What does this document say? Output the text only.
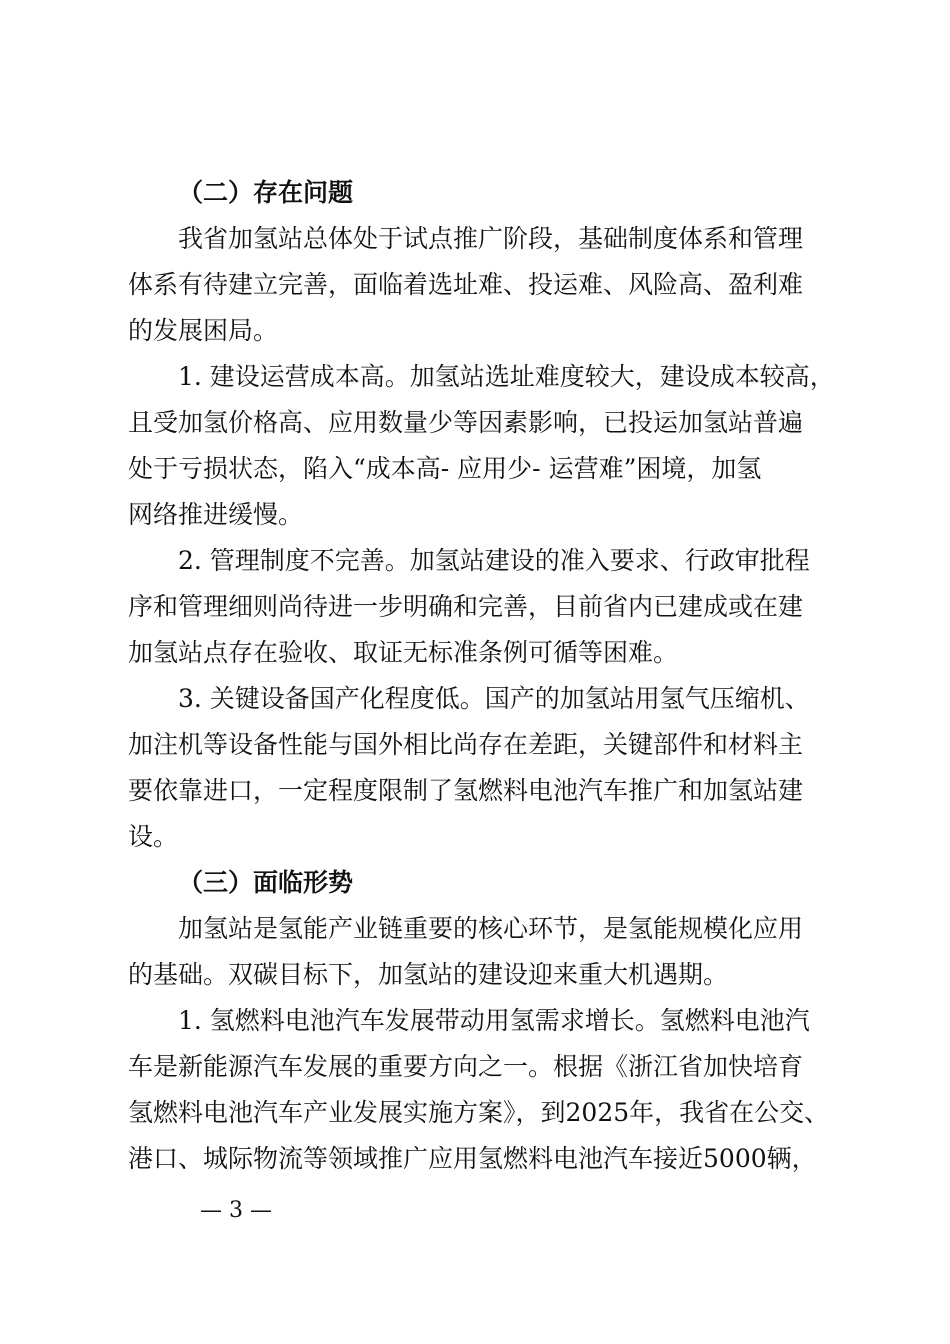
（二）存在问题
我省加氢站总体处于试点推广阶段，基础制度体系和管理
体系有待建立完善，面临着选址难、投运难、风险高、盈利难
的发展困局。
1. 建设运营成本高。加氢站选址难度较大，建设成本较高，
且受加氢价格高、应用数量少等因素影响，已投运加氢站普遍
处于亏损状态，陷入“成本高- 应用少- 运营难”困境，加氢
网络推进缓慢。
2. 管理制度不完善。加氢站建设的准入要求、行政审批程
序和管理细则尚待进一步明确和完善，目前省内已建成或在建
加氢站点存在验收、取证无标准条例可循等困难。
3. 关键设备国产化程度低。国产的加氢站用氢气压缩机、
加注机等设备性能与国外相比尚存在差距，关键部件和材料主
要依靠进口，一定程度限制了氢燃料电池汽车推广和加氢站建
设。
（三）面临形势
加氢站是氢能产业链重要的核心环节，是氢能规模化应用
的基础。双碳目标下，加氢站的建设迎来重大机遇期。
1. 氢燃料电池汽车发展带动用氢需求增长。氢燃料电池汽
车是新能源汽车发展的重要方向之一。根据《浙江省加快培育
氢燃料电池汽车产业发展实施方案》，到2025年，我省在公交、
港口、城际物流等领域推广应用氢燃料电池汽车接近5000辆，
— 3 —
